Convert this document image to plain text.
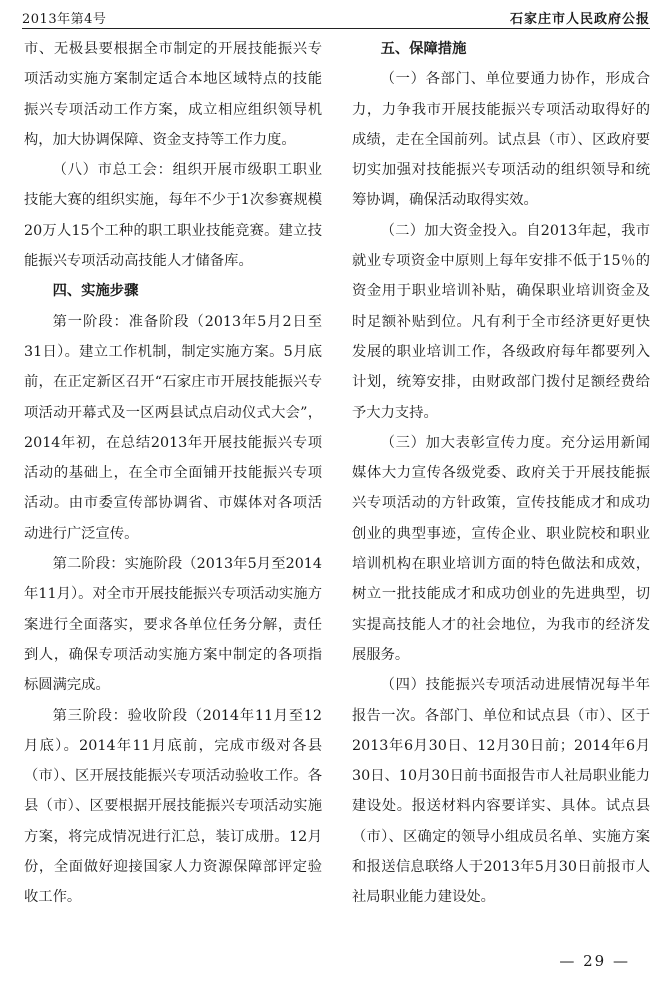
2013年第4号	石家庄市人民政府公报

市、无极县要根据全市制定的开展技能振兴专项活动实施方案制定适合本地区域特点的技能振兴专项活动工作方案，成立相应组织领导机构，加大协调保障、资金支持等工作力度。

（八）市总工会：组织开展市级职工职业技能大赛的组织实施，每年不少于1次参赛规模20万人15个工种的职工职业技能竞赛。建立技能振兴专项活动高技能人才储备库。

四、实施步骤

第一阶段：准备阶段（2013年5月2日至31日）。建立工作机制，制定实施方案。5月底前，在正定新区召开“石家庄市开展技能振兴专项活动开幕式及一区两县试点启动仪式大会”，2014年初，在总结2013年开展技能振兴专项活动的基础上，在全市全面铺开技能振兴专项活动。由市委宣传部协调省、市媒体对各项活动进行广泛宣传。

第二阶段：实施阶段（2013年5月至2014年11月）。对全市开展技能振兴专项活动实施方案进行全面落实，要求各单位任务分解，责任到人，确保专项活动实施方案中制定的各项指标圆满完成。

第三阶段：验收阶段（2014年11月至12月底）。2014年11月底前，完成市级对各县（市）、区开展技能振兴专项活动验收工作。各县（市）、区要根据开展技能振兴专项活动实施方案，将完成情况进行汇总，装订成册。12月份，全面做好迎接国家人力资源保障部评定验收工作。

五、保障措施

（一）各部门、单位要通力协作，形成合力，力争我市开展技能振兴专项活动取得好的成绩，走在全国前列。试点县（市）、区政府要切实加强对技能振兴专项活动的组织领导和统筹协调，确保活动取得实效。

（二）加大资金投入。自2013年起，我市就业专项资金中原则上每年安排不低于15％的资金用于职业培训补贴，确保职业培训资金及时足额补贴到位。凡有利于全市经济更好更快发展的职业培训工作，各级政府每年都要列入计划，统筹安排，由财政部门拨付足额经费给予大力支持。

（三）加大表彰宣传力度。充分运用新闻媒体大力宣传各级党委、政府关于开展技能振兴专项活动的方针政策，宣传技能成才和成功创业的典型事迹，宣传企业、职业院校和职业培训机构在职业培训方面的特色做法和成效，树立一批技能成才和成功创业的先进典型，切实提高技能人才的社会地位，为我市的经济发展服务。

（四）技能振兴专项活动进展情况每半年报告一次。各部门、单位和试点县（市）、区于2013年6月30日、12月30日前；2014年6月30日、10月30日前书面报告市人社局职业能力建设处。报送材料内容要详实、具体。试点县（市）、区确定的领导小组成员名单、实施方案和报送信息联络人于2013年5月30日前报市人社局职业能力建设处。

— 29 —
